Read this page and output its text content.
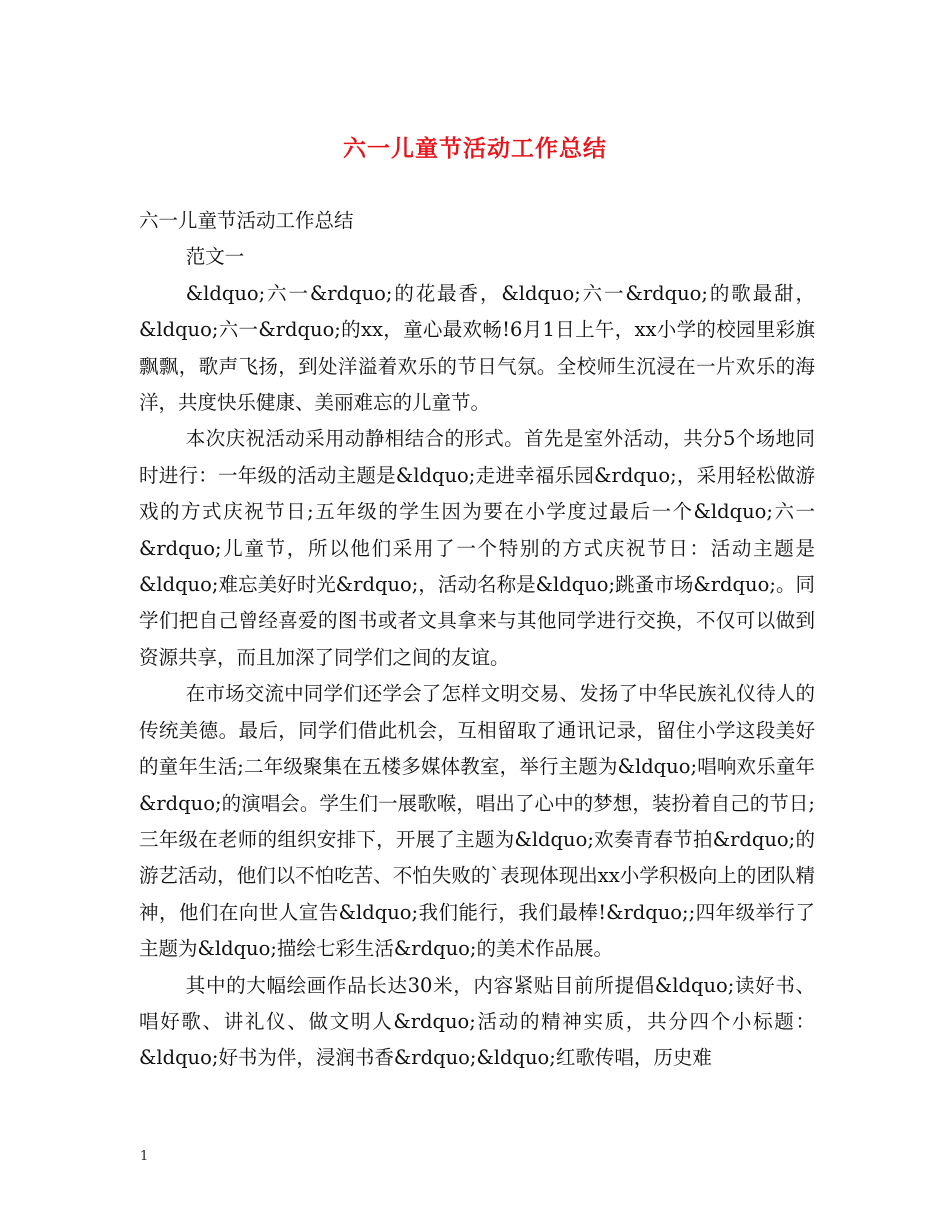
六一儿童节活动工作总结

六一儿童节活动工作总结

范文一

&ldquo;六一&rdquo;的花最香，&ldquo;六一&rdquo;的歌最甜，&ldquo;六一&rdquo;的xx，童心最欢畅!6月1日上午，xx小学的校园里彩旗飘飘，歌声飞扬，到处洋溢着欢乐的节日气氛。全校师生沉浸在一片欢乐的海洋，共度快乐健康、美丽难忘的儿童节。

本次庆祝活动采用动静相结合的形式。首先是室外活动，共分5个场地同时进行：一年级的活动主题是&ldquo;走进幸福乐园&rdquo;，采用轻松做游戏的方式庆祝节日;五年级的学生因为要在小学度过最后一个&ldquo;六一&rdquo;儿童节，所以他们采用了一个特别的方式庆祝节日：活动主题是&ldquo;难忘美好时光&rdquo;，活动名称是&ldquo;跳蚤市场&rdquo;。同学们把自己曾经喜爱的图书或者文具拿来与其他同学进行交换，不仅可以做到资源共享，而且加深了同学们之间的友谊。

在市场交流中同学们还学会了怎样文明交易、发扬了中华民族礼仪待人的传统美德。最后，同学们借此机会，互相留取了通讯记录，留住小学这段美好的童年生活;二年级聚集在五楼多媒体教室，举行主题为&ldquo;唱响欢乐童年&rdquo;的演唱会。学生们一展歌喉，唱出了心中的梦想，装扮着自己的节日;三年级在老师的组织安排下，开展了主题为&ldquo;欢奏青春节拍&rdquo;的游艺活动，他们以不怕吃苦、不怕失败的`表现体现出xx小学积极向上的团队精神，他们在向世人宣告&ldquo;我们能行，我们最棒!&rdquo;;四年级举行了主题为&ldquo;描绘七彩生活&rdquo;的美术作品展。

其中的大幅绘画作品长达30米，内容紧贴目前所提倡&ldquo;读好书、唱好歌、讲礼仪、做文明人&rdquo;活动的精神实质，共分四个小标题：&ldquo;好书为伴，浸润书香&rdquo;&ldquo;红歌传唱，历史难

1
